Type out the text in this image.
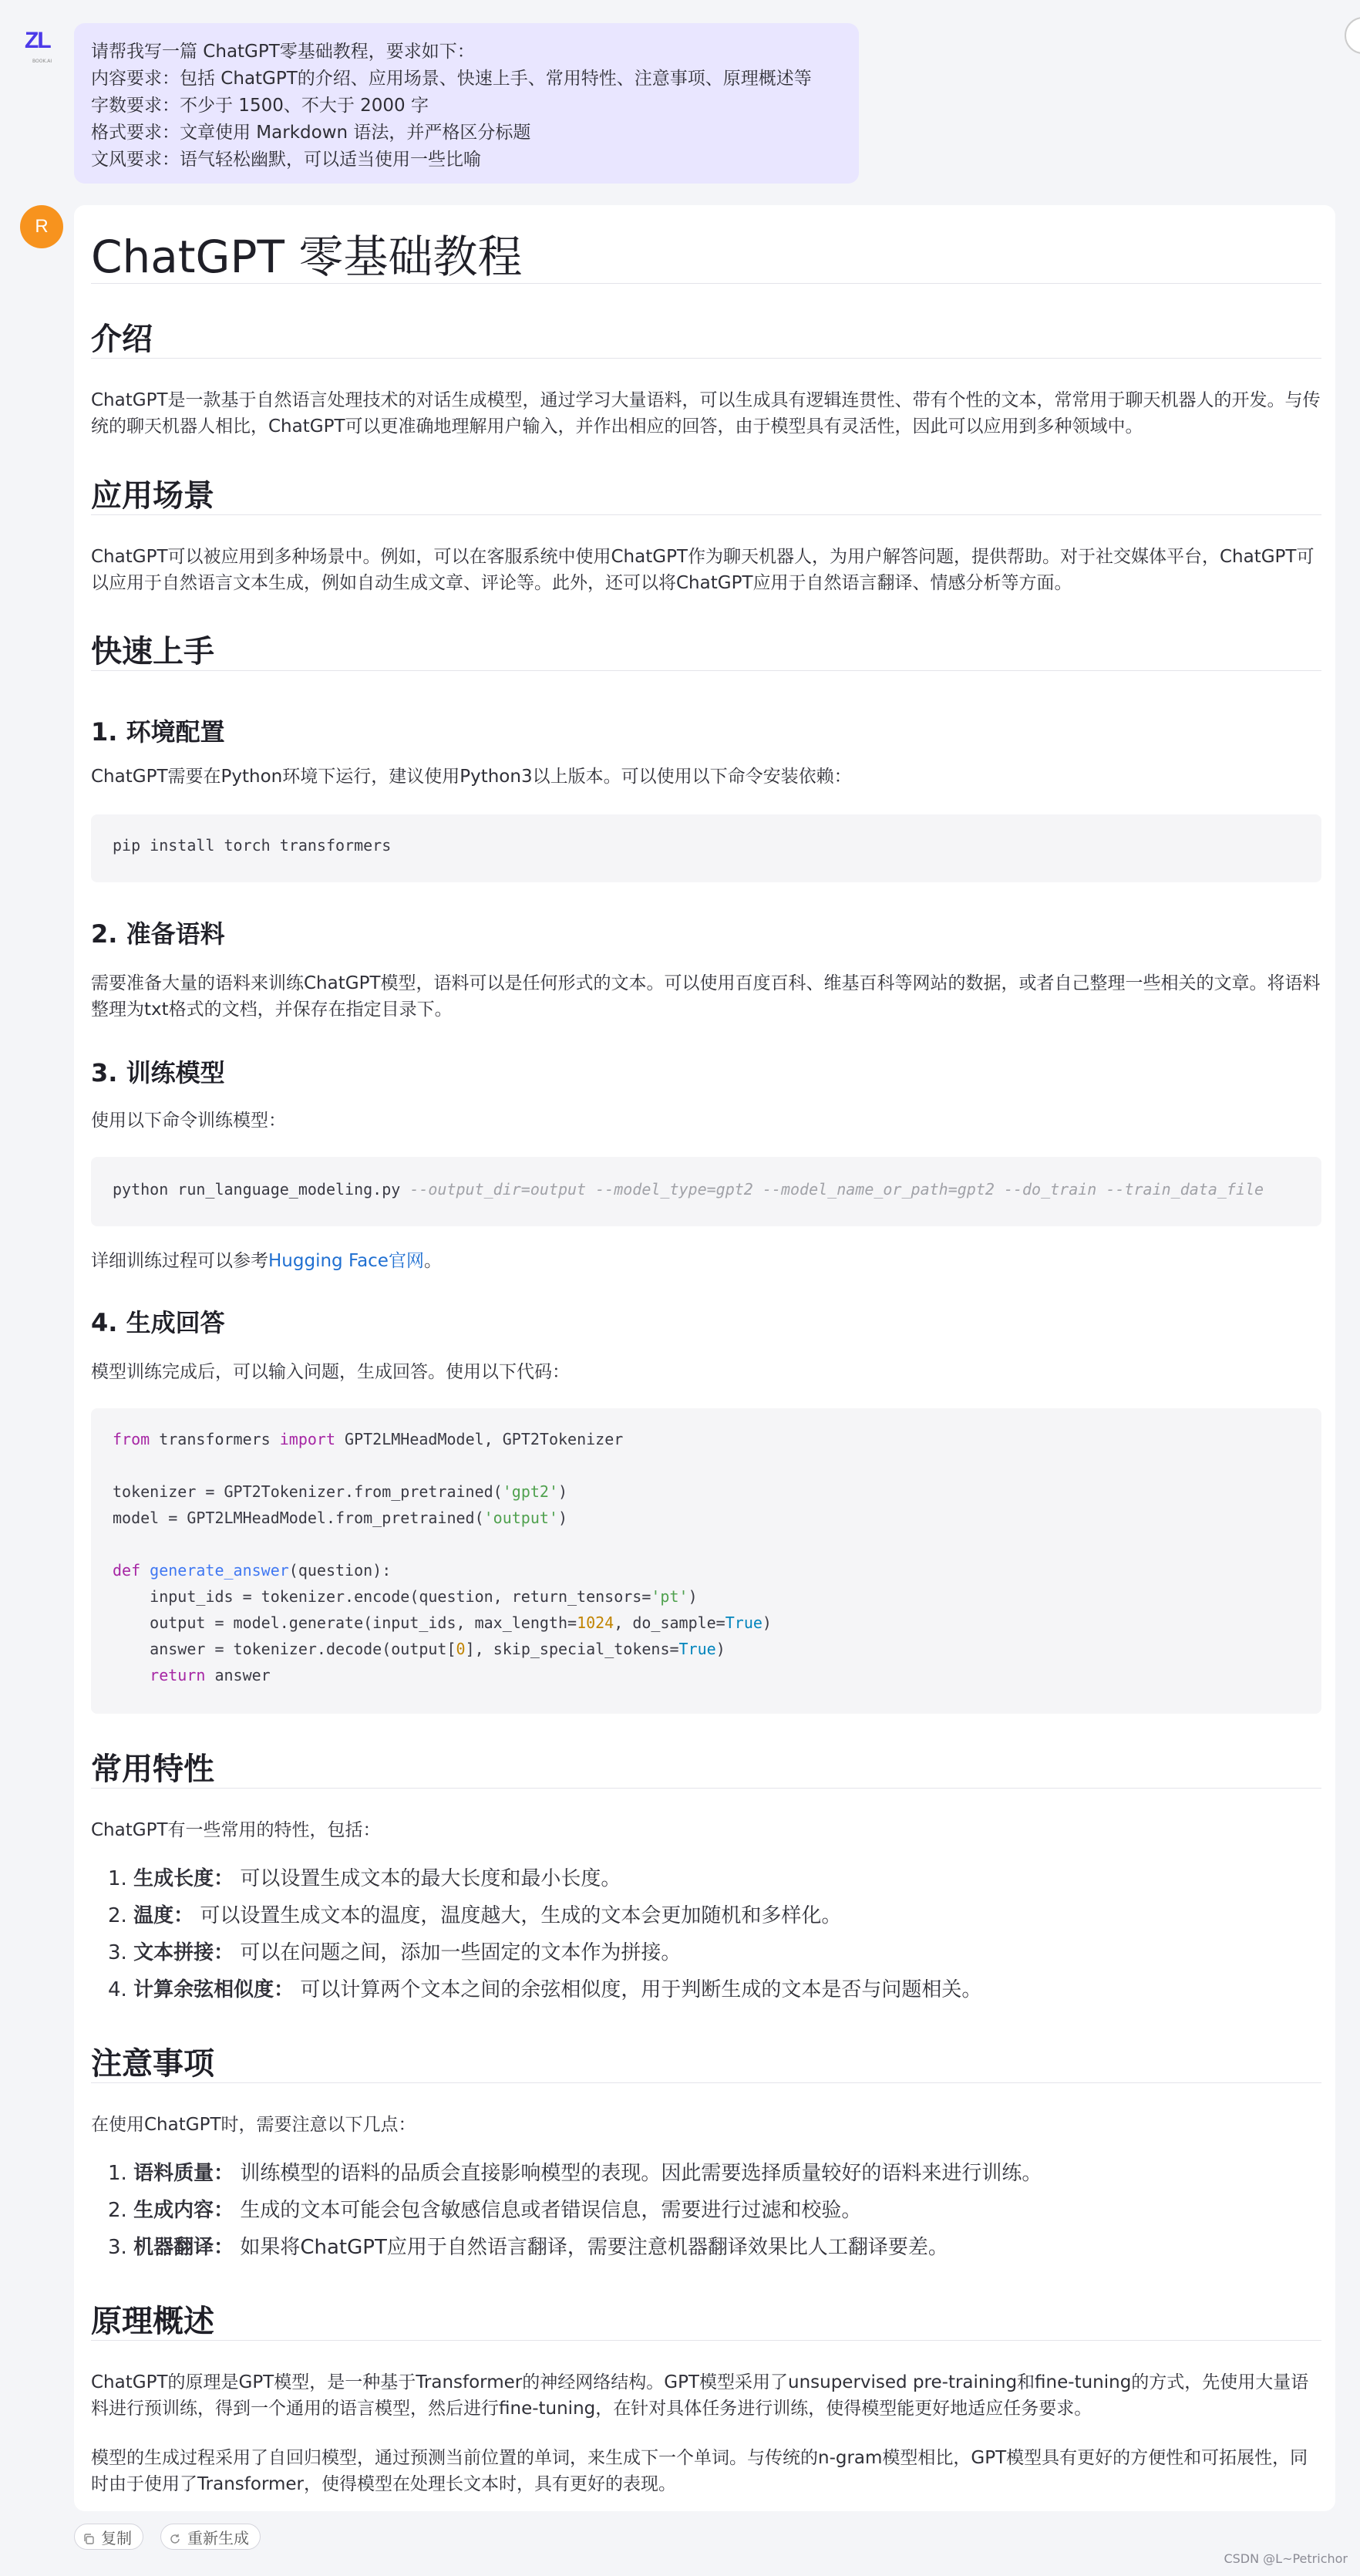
ZL
BOOK.AI 请帮我写一篇 ChatGPT零基础教程，要求如下：
内容要求：包括 ChatGPT的介绍、应用场景、快速上手、常用特性、注意事项、原理概述等
字数要求：不少于 1500、不大于 2000 字
格式要求：文章使用 Markdown 语法，并严格区分标题
文风要求：语气轻松幽默，可以适当使用一些比喻
R
ChatGPT 零基础教程
介绍
ChatGPT是一款基于自然语言处理技术的对话生成模型，通过学习大量语料，可以生成具有逻辑连贯性、带有个性的文本，常常用于聊天机器人的开发。与传统的聊天机器人相比，ChatGPT可以更准确地理解用户输入，并作出相应的回答，由于模型具有灵活性，因此可以应用到多种领域中。
应用场景
ChatGPT可以被应用到多种场景中。例如，可以在客服系统中使用ChatGPT作为聊天机器人，为用户解答问题，提供帮助。对于社交媒体平台，ChatGPT可以应用于自然语言文本生成，例如自动生成文章、评论等。此外，还可以将ChatGPT应用于自然语言翻译、情感分析等方面。
快速上手
1. 环境配置
ChatGPT需要在Python环境下运行，建议使用Python3以上版本。可以使用以下命令安装依赖：
pip install torch transformers
2. 准备语料
需要准备大量的语料来训练ChatGPT模型，语料可以是任何形式的文本。可以使用百度百科、维基百科等网站的数据，或者自己整理一些相关的文章。将语料整理为txt格式的文档，并保存在指定目录下。
3. 训练模型
使用以下命令训练模型：
python run_language_modeling.py --output_dir=output --model_type=gpt2 --model_name_or_path=gpt2 --do_train --train_data_file
详细训练过程可以参考Hugging Face官网。
4. 生成回答
模型训练完成后，可以输入问题，生成回答。使用以下代码：
from transformers import GPT2LMHeadModel, GPT2Tokenizer
tokenizer = GPT2Tokenizer.from_pretrained('gpt2')
model = GPT2LMHeadModel.from_pretrained('output')
def generate_answer(question):
input_ids = tokenizer.encode(question, return_tensors='pt')
output = model.generate(input_ids, max_length=1024, do_sample=True)
answer = tokenizer.decode(output[0], skip_special_tokens=True)
return answer
常用特性
ChatGPT有一些常用的特性，包括：
1. 生成长度： 可以设置生成文本的最大长度和最小长度。
2. 温度： 可以设置生成文本的温度，温度越大，生成的文本会更加随机和多样化。
3. 文本拼接： 可以在问题之间，添加一些固定的文本作为拼接。
4. 计算余弦相似度： 可以计算两个文本之间的余弦相似度，用于判断生成的文本是否与问题相关。
注意事项
在使用ChatGPT时，需要注意以下几点：
1. 语料质量： 训练模型的语料的品质会直接影响模型的表现。因此需要选择质量较好的语料来进行训练。
2. 生成内容： 生成的文本可能会包含敏感信息或者错误信息，需要进行过滤和校验。
3. 机器翻译： 如果将ChatGPT应用于自然语言翻译，需要注意机器翻译效果比人工翻译要差。
原理概述
ChatGPT的原理是GPT模型，是一种基于Transformer的神经网络结构。GPT模型采用了unsupervised pre-training和fine-tuning的方式，先使用大量语料进行预训练，得到一个通用的语言模型，然后进行fine-tuning，在针对具体任务进行训练，使得模型能更好地适应任务要求。
模型的生成过程采用了自回归模型，通过预测当前位置的单词，来生成下一个单词。与传统的n-gram模型相比，GPT模型具有更好的方便性和可拓展性，同时由于使用了Transformer，使得模型在处理长文本时，具有更好的表现。
复制	重新生成
CSDN @L~Petrichor
